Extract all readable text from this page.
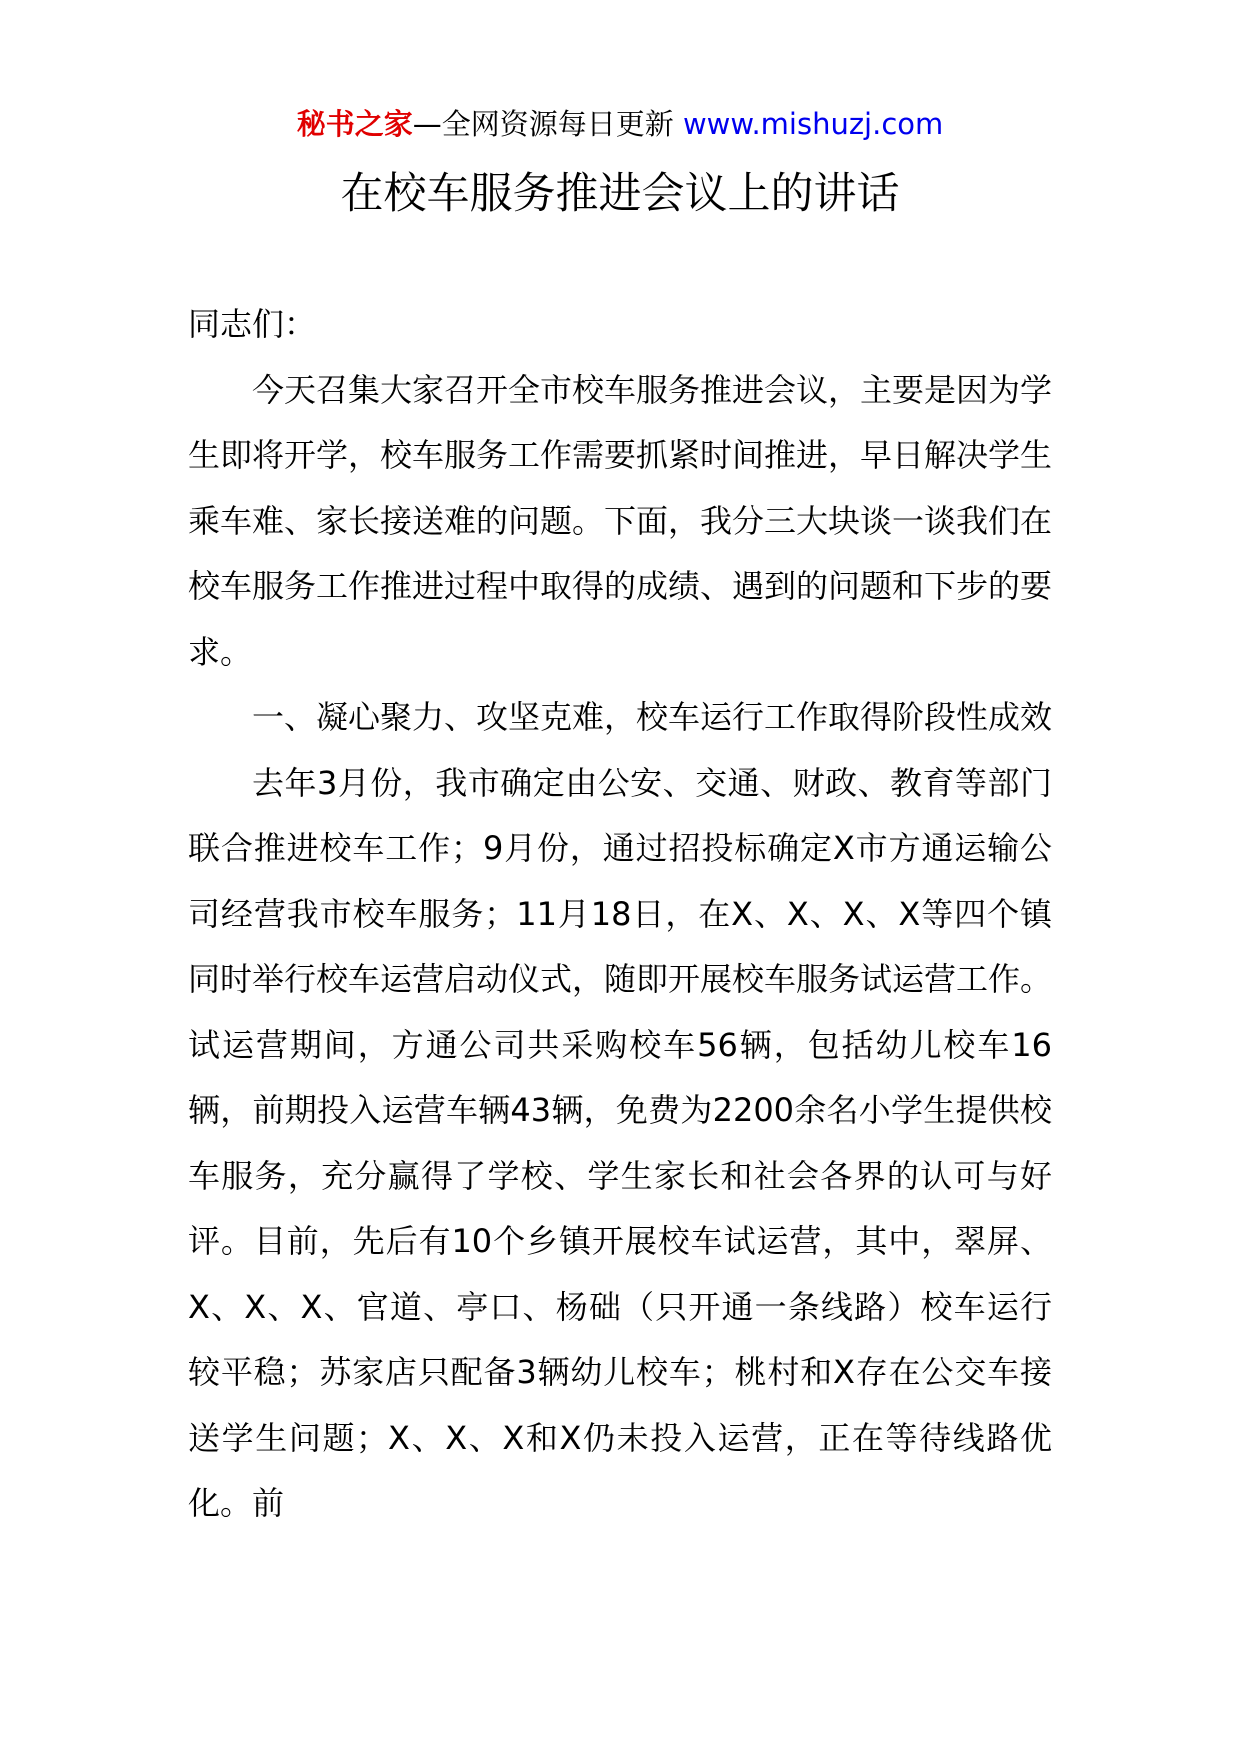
秘书之家—全网资源每日更新 www.mishuzj.com
在校车服务推进会议上的讲话

同志们：

今天召集大家召开全市校车服务推进会议，主要是因为学生即将开学，校车服务工作需要抓紧时间推进，早日解决学生乘车难、家长接送难的问题。下面，我分三大块谈一谈我们在校车服务工作推进过程中取得的成绩、遇到的问题和下步的要求。

一、凝心聚力、攻坚克难，校车运行工作取得阶段性成效

去年3月份，我市确定由公安、交通、财政、教育等部门联合推进校车工作；9月份，通过招投标确定X市方通运输公司经营我市校车服务；11月18日，在X、X、X、X等四个镇同时举行校车运营启动仪式，随即开展校车服务试运营工作。试运营期间，方通公司共采购校车56辆，包括幼儿校车16辆，前期投入运营车辆43辆，免费为2200余名小学生提供校车服务，充分赢得了学校、学生家长和社会各界的认可与好评。目前，先后有10个乡镇开展校车试运营，其中，翠屏、X、X、X、官道、亭口、杨础（只开通一条线路）校车运行较平稳；苏家店只配备3辆幼儿校车；桃村和X存在公交车接送学生问题；X、X、X和X仍未投入运营，正在等待线路优化。前
